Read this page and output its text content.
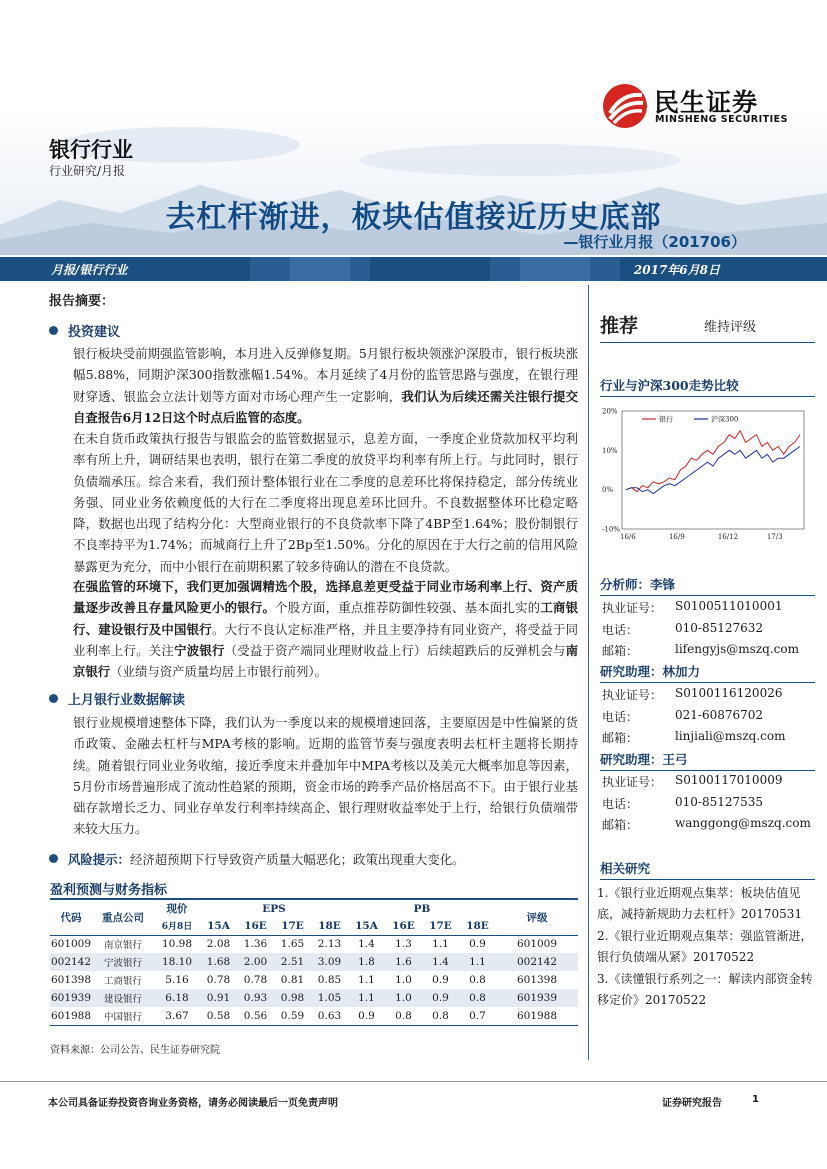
民生证券
MINSHENG SECURITIES
银行行业
行业研究/月报
去杠杆渐进，板块估值接近历史底部
—银行业月报（201706）
月报/银行行业	2017年6月8日
报告摘要：
投资建议
银行板块受前期强监管影响，本月进入反弹修复期。5月银行板块领涨沪深股市，银行板块涨幅5.88%，同期沪深300指数涨幅1.54%。本月延续了4月份的监管思路与强度，在银行理财穿透、银监会立法计划等方面对市场心理产生一定影响，我们认为后续还需关注银行提交自查报告6月12日这个时点后监管的态度。
在未自货币政策执行报告与银监会的监管数据显示，息差方面，一季度企业贷款加权平均利率有所上升，调研结果也表明，银行在第二季度的放贷平均利率有所上行。与此同时，银行负债端承压。综合来看，我们预计整体银行业在二季度的息差环比将保持稳定，部分传统业务强、同业业务依赖度低的大行在二季度将出现息差环比回升。不良数据整体环比稳定略降，数据也出现了结构分化：大型商业银行的不良贷款率下降了4BP至1.64%；股份制银行不良率持平为1.74%；而城商行上升了2Bp至1.50%。分化的原因在于大行之前的信用风险暴露更为充分，而中小银行在前期积累了较多待确认的潜在不良贷款。
在强监管的环境下，我们更加强调精选个股，选择息差更受益于同业市场利率上行、资产质量逐步改善且存量风险更小的银行。个股方面，重点推荐防御性较强、基本面扎实的工商银行、建设银行及中国银行。大行不良认定标准严格，并且主要净持有同业资产，将受益于同业利率上行。关注宁波银行（受益于资产端同业理财收益上行）后续超跌后的反弹机会与南京银行（业绩与资产质量均居上市银行前列）。
上月银行业数据解读
银行业规模增速整体下降，我们认为一季度以来的规模增速回落，主要原因是中性偏紧的货币政策、金融去杠杆与MPA考核的影响。近期的监管节奏与强度表明去杠杆主题将长期持续。随着银行同业业务收缩，接近季度末并叠加年中MPA考核以及美元大概率加息等因素，5月份市场普遍形成了流动性趋紧的预期，资金市场的跨季产品价格居高不下。由于银行业基础存款增长乏力、同业存单发行利率持续高企、银行理财收益率处于上行，给银行负债端带来较大压力。
风险提示：经济超预期下行导致资产质量大幅恶化；政策出现重大变化。
推荐	维持评级
行业与沪深300走势比较
20%
10%
0%
-10%
16/6	16/9	16/12	17/3
银行	沪深300
分析师：李锋
执业证号： S0100511010001
电话：	010-85127632
邮箱：	lifengyjs@mszq.com
研究助理：林加力
执业证号： S0100116120026
电话：	021-60876702
邮箱：	linjiali@mszq.com
研究助理：王弓
执业证号： S0100117010009
电话：	010-85127535
邮箱：	wanggong@mszq.com
相关研究
1.《银行业近期观点集萃：板块估值见底，减持新规助力去杠杆》20170531
2.《银行业近期观点集萃：强监管渐进，银行负债端从紧》20170522
3.《读懂银行系列之一：解读内部资金转移定价》20170522
盈利预测与财务指标
代码	重点公司	现价	EPS				PB				评级
		6月8日	15A	16E	17E	18E	15A	16E	17E	18E	
601009	南京银行	10.98	2.08	1.36	1.65	2.13	1.4	1.3	1.1	0.9	601009
002142	宁波银行	18.10	1.68	2.00	2.51	3.09	1.8	1.6	1.4	1.1	002142
601398	工商银行	5.16	0.78	0.78	0.81	0.85	1.1	1.0	0.9	0.8	601398
601939	建设银行	6.18	0.91	0.93	0.98	1.05	1.1	1.0	0.9	0.8	601939
601988	中国银行	3.67	0.58	0.56	0.59	0.63	0.9	0.8	0.8	0.7	601988
资料来源：公司公告、民生证券研究院
本公司具备证券投资咨询业务资格，请务必阅读最后一页免责声明	证券研究报告	1
